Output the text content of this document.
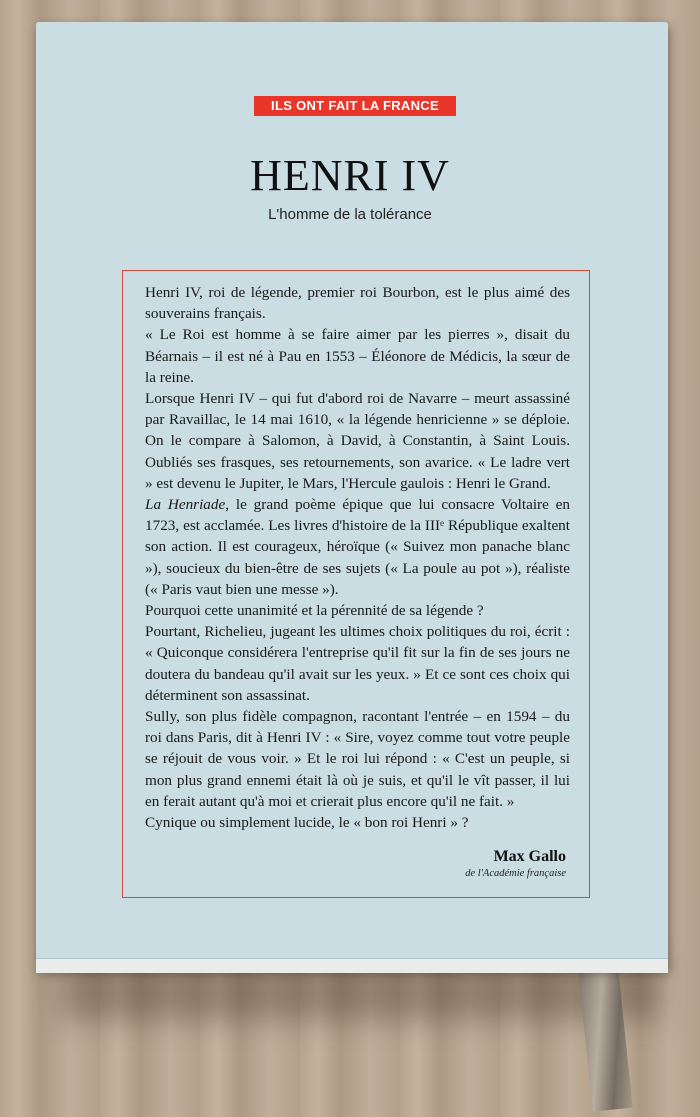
ILS ONT FAIT LA FRANCE
HENRI IV
L'homme de la tolérance

Henri IV, roi de légende, premier roi Bourbon, est le plus aimé des souverains français.

« Le Roi est homme à se faire aimer par les pierres », disait du Béarnais – il est né à Pau en 1553 – Éléonore de Médicis, la sœur de la reine.

Lorsque Henri IV – qui fut d'abord roi de Navarre – meurt assassiné par Ravaillac, le 14 mai 1610, « la légende henricienne » se déploie. On le compare à Salomon, à David, à Constantin, à Saint Louis. Oubliés ses frasques, ses retournements, son avarice. « Le ladre vert » est devenu le Jupiter, le Mars, l'Hercule gaulois : Henri le Grand.

La Henriade, le grand poème épique que lui consacre Voltaire en 1723, est acclamée. Les livres d'histoire de la IIIᵉ République exaltent son action. Il est courageux, héroïque (« Suivez mon panache blanc »), soucieux du bien-être de ses sujets (« La poule au pot »), réaliste (« Paris vaut bien une messe »).

Pourquoi cette unanimité et la pérennité de sa légende ?

Pourtant, Richelieu, jugeant les ultimes choix politiques du roi, écrit : « Quiconque considérera l'entreprise qu'il fit sur la fin de ses jours ne doutera du bandeau qu'il avait sur les yeux. » Et ce sont ces choix qui déterminent son assassinat.

Sully, son plus fidèle compagnon, racontant l'entrée – en 1594 – du roi dans Paris, dit à Henri IV : « Sire, voyez comme tout votre peuple se réjouit de vous voir. » Et le roi lui répond : « C'est un peuple, si mon plus grand ennemi était là où je suis, et qu'il le vît passer, il lui en ferait autant qu'à moi et crierait plus encore qu'il ne fait. »

Cynique ou simplement lucide, le « bon roi Henri » ?

Max Gallo
de l'Académie française
